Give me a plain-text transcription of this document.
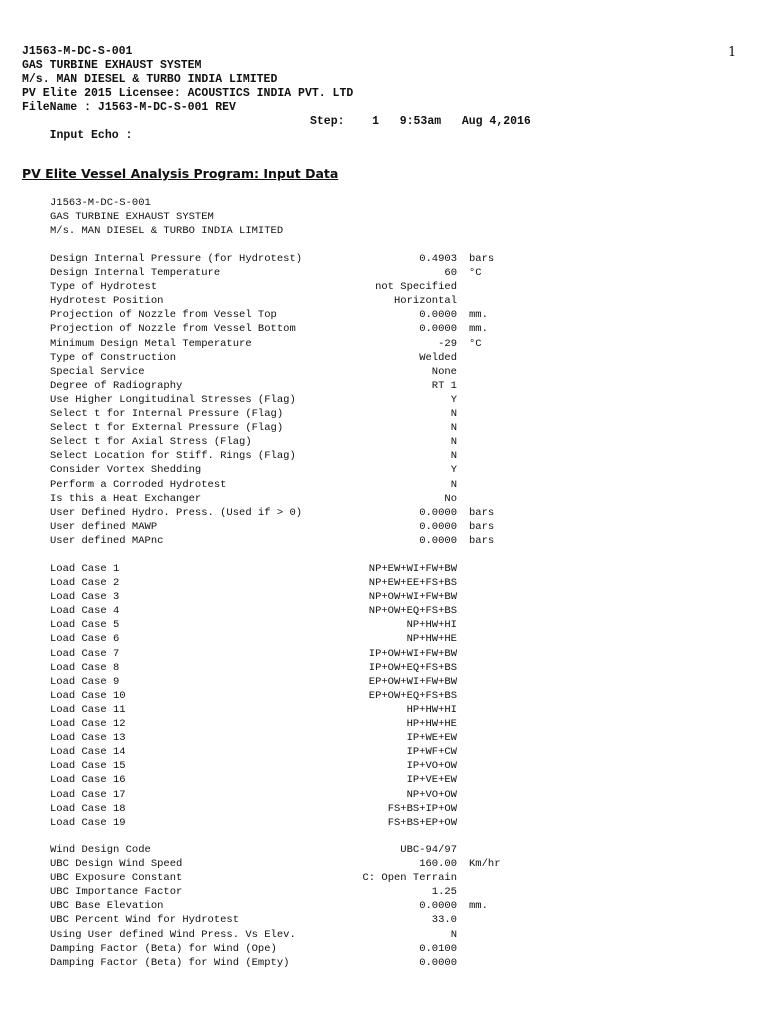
1
J1563-M-DC-S-001
GAS TURBINE EXHAUST SYSTEM
M/s. MAN DIESEL & TURBO INDIA LIMITED
PV Elite 2015 Licensee: ACOUSTICS INDIA PVT. LTD
FileName : J1563-M-DC-S-001 REV

Input Echo :

Step:    1   9:53am   Aug 4,2016

PV Elite Vessel Analysis Program: Input Data
J1563-M-DC-S-001
GAS TURBINE EXHAUST SYSTEM
M/s. MAN DIESEL & TURBO INDIA LIMITED
Design Internal Pressure (for Hydrotest)	0.4903 bars
Design Internal Temperature	60 °C
Type of Hydrotest	not Specified
Hydrotest Position	Horizontal
Projection of Nozzle from Vessel Top	0.0000 mm.
Projection of Nozzle from Vessel Bottom	0.0000 mm.
Minimum Design Metal Temperature	-29 °C
Type of Construction	Welded
Special Service	None
Degree of Radiography	RT 1
Use Higher Longitudinal Stresses (Flag)	Y
Select t for Internal Pressure (Flag)	N
Select t for External Pressure (Flag)	N
Select t for Axial Stress (Flag)	N
Select Location for Stiff. Rings (Flag)	N
Consider Vortex Shedding	Y
Perform a Corroded Hydrotest	N
Is this a Heat Exchanger	No
User Defined Hydro. Press. (Used if > 0)	0.0000 bars
User defined MAWP	0.0000 bars
User defined MAPnc	0.0000 bars
Load Case 1	NP+EW+WI+FW+BW
Load Case 2	NP+EW+EE+FS+BS
Load Case 3	NP+OW+WI+FW+BW
Load Case 4	NP+OW+EQ+FS+BS
Load Case 5	NP+HW+HI
Load Case 6	NP+HW+HE
Load Case 7	IP+OW+WI+FW+BW
Load Case 8	IP+OW+EQ+FS+BS
Load Case 9	EP+OW+WI+FW+BW
Load Case 10	EP+OW+EQ+FS+BS
Load Case 11	HP+HW+HI
Load Case 12	HP+HW+HE
Load Case 13	IP+WE+EW
Load Case 14	IP+WF+CW
Load Case 15	IP+VO+OW
Load Case 16	IP+VE+EW
Load Case 17	NP+VO+OW
Load Case 18	FS+BS+IP+OW
Load Case 19	FS+BS+EP+OW
Wind Design Code	UBC-94/97
UBC Design Wind Speed	160.00 Km/hr
UBC Exposure Constant	C: Open Terrain
UBC Importance Factor	1.25
UBC Base Elevation	0.0000 mm.
UBC Percent Wind for Hydrotest	33.0
Using User defined Wind Press. Vs Elev.	N
Damping Factor (Beta) for Wind (Ope)	0.0100
Damping Factor (Beta) for Wind (Empty)	0.0000
